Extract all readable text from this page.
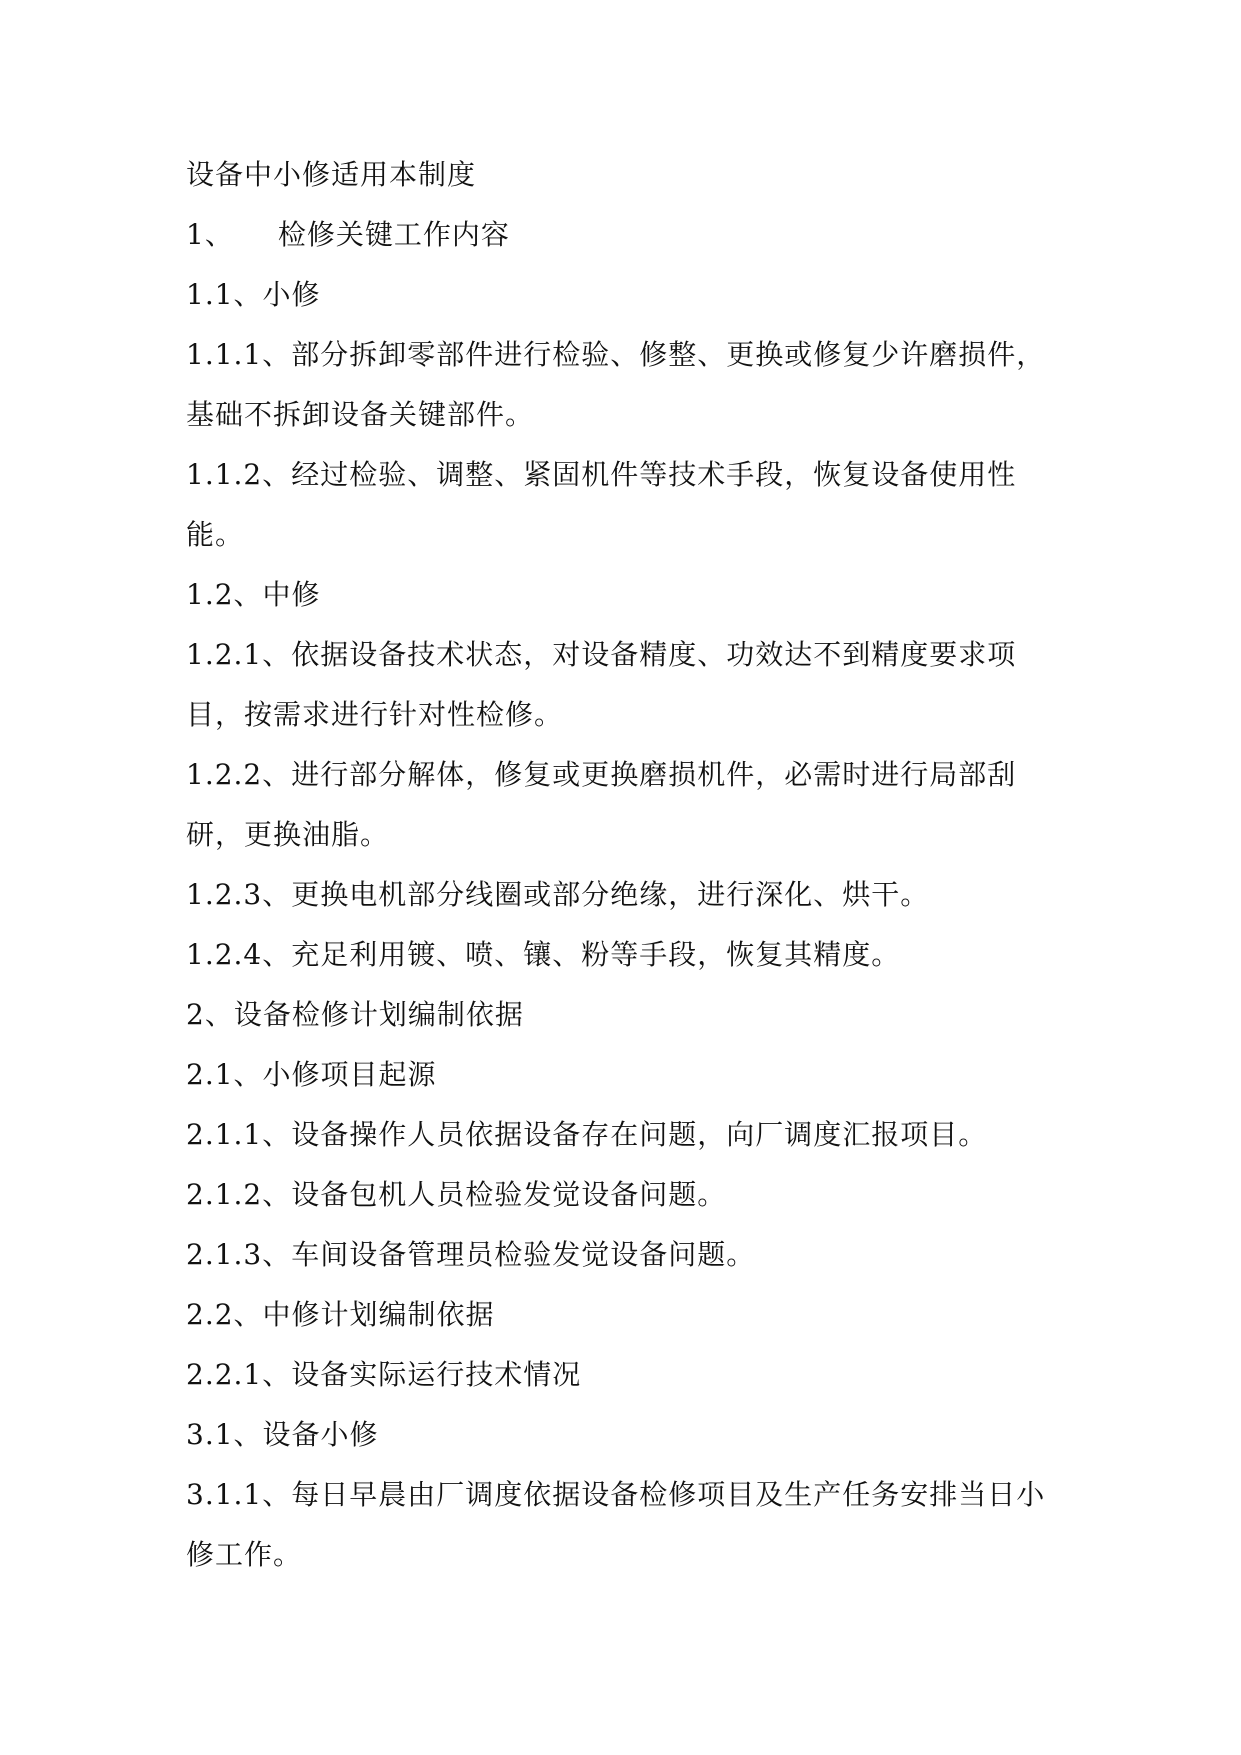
设备中小修适用本制度

1、　　检修关键工作内容

1.1、小修

1.1.1、部分拆卸零部件进行检验、修整、更换或修复少许磨损件，基础不拆卸设备关键部件。

1.1.2、经过检验、调整、紧固机件等技术手段，恢复设备使用性能。

1.2、中修

1.2.1、依据设备技术状态，对设备精度、功效达不到精度要求项目，按需求进行针对性检修。

1.2.2、进行部分解体，修复或更换磨损机件，必需时进行局部刮研，更换油脂。

1.2.3、更换电机部分线圈或部分绝缘，进行深化、烘干。

1.2.4、充足利用镀、喷、镶、粉等手段，恢复其精度。

2、设备检修计划编制依据

2.1、小修项目起源

2.1.1、设备操作人员依据设备存在问题，向厂调度汇报项目。

2.1.2、设备包机人员检验发觉设备问题。

2.1.3、车间设备管理员检验发觉设备问题。

2.2、中修计划编制依据

2.2.1、设备实际运行技术情况

3.1、设备小修

3.1.1、每日早晨由厂调度依据设备检修项目及生产任务安排当日小修工作。
